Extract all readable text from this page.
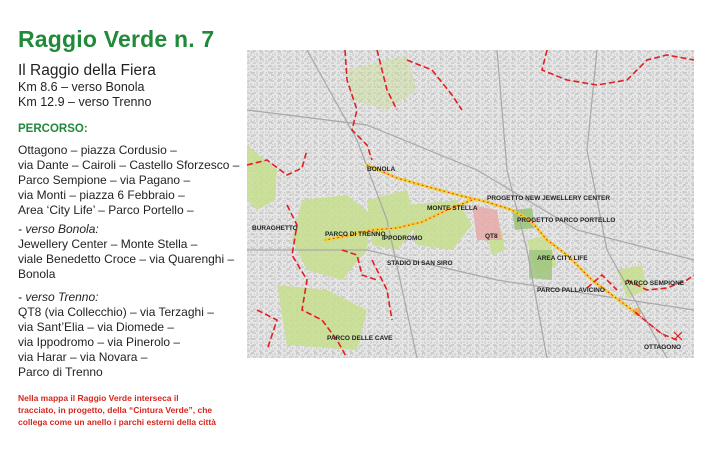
Raggio Verde n. 7
Il Raggio della Fiera
Km 8.6 – verso Bonola
Km 12.9 – verso Trenno
PERCORSO:
Ottagono – piazza Cordusio –
via Dante – Cairoli – Castello Sforzesco –
Parco Sempione – via Pagano –
via Monti – piazza 6 Febbraio –
Area ‘City Life’ – Parco Portello –
- verso Bonola:
Jewellery Center – Monte Stella –
viale Benedetto Croce – via Quarenghi –
Bonola
- verso Trenno:
QT8 (via Collecchio) – via Terzaghi –
via Sant’Elia – via Diomede –
via Ippodromo – via Pinerolo –
via Harar – via Novara –
Parco di Trenno
Nella mappa il Raggio Verde interseca il
tracciato, in progetto, della “Cintura Verde”, che
collega come un anello i parchi esterni della città
BONOLA
MONTE STELLA
PROGETTO NEW JEWELLERY CENTER
PROGETTO PARCO PORTELLO
BURAGHETTO
PARCO DI TRENNO
IPPODROMO
STADIO DI SAN SIRO
QT8
AREA CITY LIFE
PARCO SEMPIONE
PARCO PALLAVICINO
PARCO DELLE CAVE
OTTAGONO
